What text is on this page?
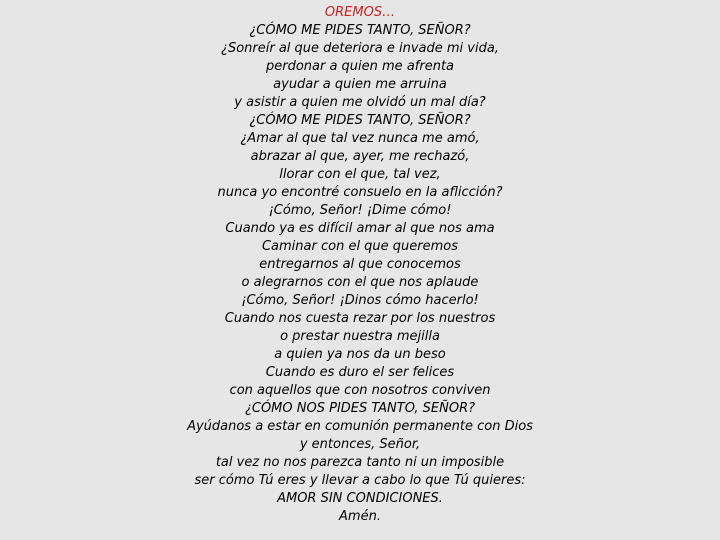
OREMOS…
¿CÓMO ME PIDES TANTO, SEÑOR?
¿Sonreír al que deteriora e invade mi vida,
perdonar a quien me afrenta
ayudar a quien me arruina
y asistir a quien me olvidó un mal día?
¿CÓMO ME PIDES TANTO, SEÑOR?
¿Amar al que tal vez nunca me amó,
abrazar al que, ayer, me rechazó,
llorar con el que, tal vez,
nunca yo encontré consuelo en la aflicción?
¡Cómo, Señor! ¡Dime cómo!
Cuando ya es difícil amar al que nos ama
Caminar con el que queremos
entregarnos al que conocemos
o alegrarnos con el que nos aplaude
¡Cómo, Señor! ¡Dinos cómo hacerlo!
Cuando nos cuesta rezar por los nuestros
o prestar nuestra mejilla
a quien ya nos da un beso
Cuando es duro el ser felices
con aquellos que con nosotros conviven
¿CÓMO NOS PIDES TANTO, SEÑOR?
Ayúdanos a estar en comunión permanente con Dios
y entonces, Señor,
tal vez no nos parezca tanto ni un imposible
ser cómo Tú eres y llevar a cabo lo que Tú quieres:
AMOR SIN CONDICIONES.
Amén.
